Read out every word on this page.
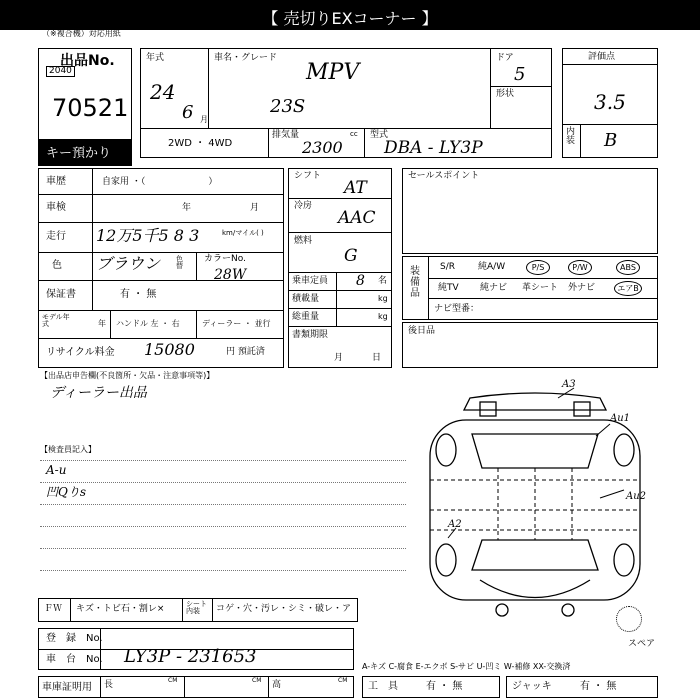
【 売切りEXコーナー 】
（※複合機）対応用紙
出品No.
2040
70521
キー預かり
年式
24
6 月
車名・グレード
MPV
23S
ドア
5
形状
2WD ・ 4WD
排気量	cc
2300
型式
DBA - LY3P
評価点
3.5
内装 B
車歴	自家用 ・（　　　　　　　）
車検	年	月
走行 12万5千5 8 3	km/マイル( )
色 ブラウン 色替
カラーNo.
28W
保証書	有 ・ 無
モデル年式	年 ハンドル 左 ・ 右	ディーラー ・ 並行
リサイクル料金 15080	円 預託済
シフト
AT
冷房
AAC
燃料
G
乗車定員 8 名
積載量	kg
総重量	kg
書類期限
月	日
セールスポイント
装備品
S/R	純A/W	P/S	P/W	ABS
純TV 純ナビ 革シート 外ナビ	エアB
ナビ型番：
後日品
【出品店申告欄(不良箇所・欠品・注意事項等)】
ディーラー出品
【検査員記入】
A-u
凹Qりs
A3
Au1
Au2
A2
スペア
ＦＷ キズ・トビ石・割レ×	シート内装	コゲ・穴・汚レ・シミ・破レ・ア
登　録　No.
車　台　No. LY3P - 231653	A-キズ C-腐食 E-エクボ S-サビ U-凹ミ W-補修 XX-交換済
車庫証明用 長	CM	CM 高	CM
工　具	有 ・ 無	ジャッキ	有 ・ 無
